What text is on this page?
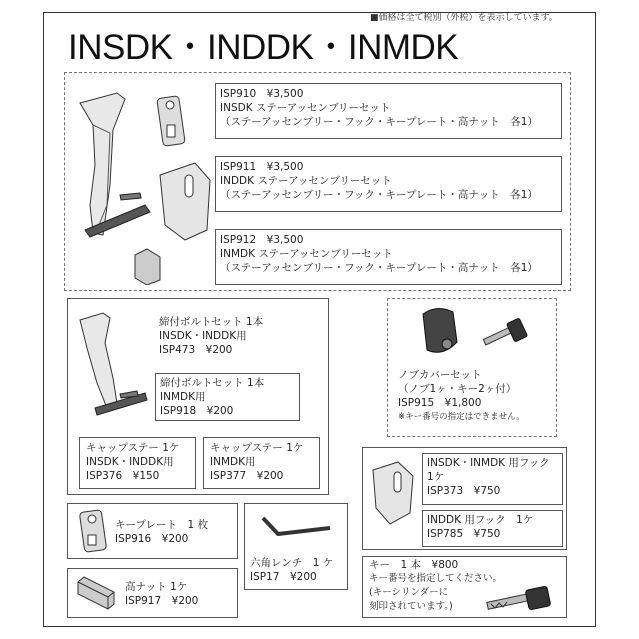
■価格は全て税別（外税）を表示しています。
INSDK・INDDK・INMDK
ISP910　¥3,500
INSDK ステーアッセンブリーセット
（ステーアッセンブリー・フック・キープレート・高ナット　各1）
ISP911　¥3,500
INDDK ステーアッセンブリーセット
（ステーアッセンブリー・フック・キープレート・高ナット　各1）
ISP912　¥3,500
INMDK ステーアッセンブリーセット
（ステーアッセンブリー・フック・キープレート・高ナット　各1）
締付ボルトセット 1本
INSDK・INDDK用
ISP473　¥200
締付ボルトセット 1本
INMDK用
ISP918　¥200
キャップステー 1ケ
INSDK・INDDK用
ISP376　¥150
キャップステー 1ケ
INMDK用
ISP377　¥200
ノブカバーセット
（ノブ1ヶ・キー2ヶ付）
ISP915　¥1,800
※キー番号の指定はできません。
INSDK・INMDK 用フック
1ケ
ISP373　¥750
INDDK 用フック　1ケ
ISP785　¥750
キープレート　1 枚
ISP916　¥200
高ナット 1ケ
ISP917　¥200
六角レンチ　1 ケ
ISP17　¥200
キー　1 本　¥800
キー番号を指定してください。
(キーシリンダーに
刻印されています。)
